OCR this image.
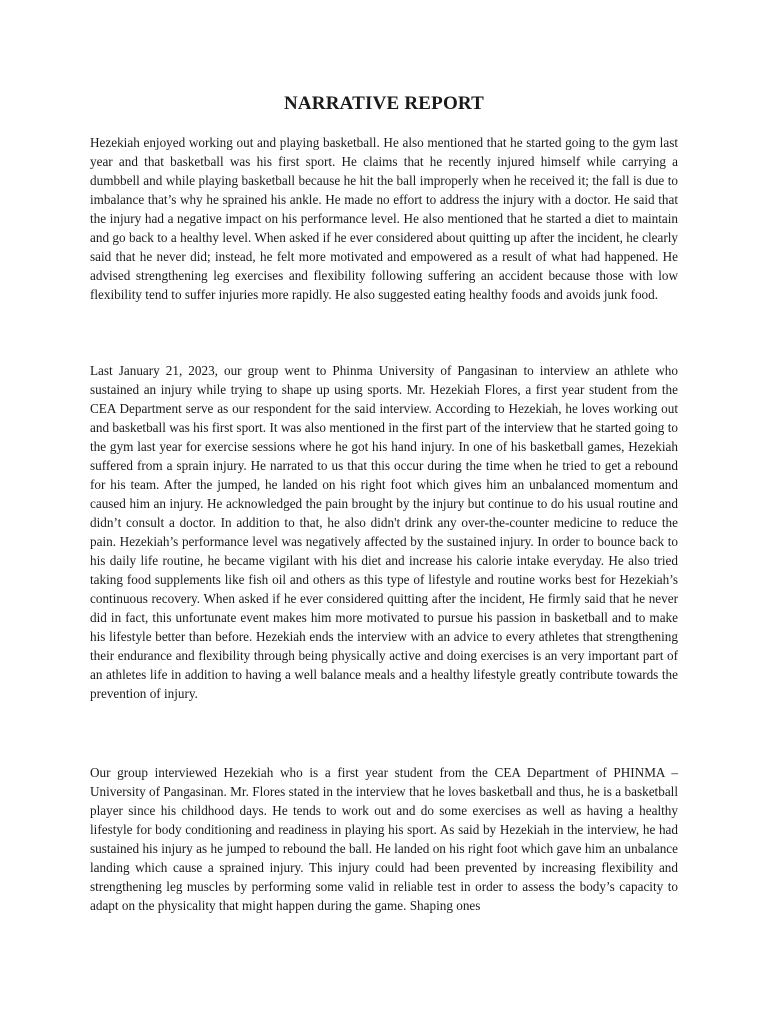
NARRATIVE REPORT

Hezekiah enjoyed working out and playing basketball. He also mentioned that he started going to the gym last year and that basketball was his first sport. He claims that he recently injured himself while carrying a dumbbell and while playing basketball because he hit the ball improperly when he received it; the fall is due to imbalance that’s why he sprained his ankle. He made no effort to address the injury with a doctor. He said that the injury had a negative impact on his performance level. He also mentioned that he started a diet to maintain and go back to a healthy level. When asked if he ever considered about quitting up after the incident, he clearly said that he never did; instead, he felt more motivated and empowered as a result of what had happened. He advised strengthening leg exercises and flexibility following suffering an accident because those with low flexibility tend to suffer injuries more rapidly. He also suggested eating healthy foods and avoids junk food.

Last January 21, 2023, our group went to Phinma University of Pangasinan to interview an athlete who sustained an injury while trying to shape up using sports. Mr. Hezekiah Flores, a first year student from the CEA Department serve as our respondent for the said interview. According to Hezekiah, he loves working out and basketball was his first sport. It was also mentioned in the first part of the interview that he started going to the gym last year for exercise sessions where he got his hand injury. In one of his basketball games, Hezekiah suffered from a sprain injury. He narrated to us that this occur during the time when he tried to get a rebound for his team. After the jumped, he landed on his right foot which gives him an unbalanced momentum and caused him an injury. He acknowledged the pain brought by the injury but continue to do his usual routine and didn’t consult a doctor. In addition to that, he also didn't drink any over-the-counter medicine to reduce the pain. Hezekiah’s performance level was negatively affected by the sustained injury. In order to bounce back to his daily life routine, he became vigilant with his diet and increase his calorie intake everyday. He also tried taking food supplements like fish oil and others as this type of lifestyle and routine works best for Hezekiah’s continuous recovery. When asked if he ever considered quitting after the incident, He firmly said that he never did in fact, this unfortunate event makes him more motivated to pursue his passion in basketball and to make his lifestyle better than before. Hezekiah ends the interview with an advice to every athletes that strengthening their endurance and flexibility through being physically active and doing exercises is an very important part of an athletes life in addition to having a well balance meals and a healthy lifestyle greatly contribute towards the prevention of injury.

Our group interviewed Hezekiah who is a first year student from the CEA Department of PHINMA – University of Pangasinan. Mr. Flores stated in the interview that he loves basketball and thus, he is a basketball player since his childhood days. He tends to work out and do some exercises as well as having a healthy lifestyle for body conditioning and readiness in playing his sport. As said by Hezekiah in the interview, he had sustained his injury as he jumped to rebound the ball. He landed on his right foot which gave him an unbalance landing which cause a sprained injury. This injury could had been prevented by increasing flexibility and strengthening leg muscles by performing some valid in reliable test in order to assess the body’s capacity to adapt on the physicality that might happen during the game. Shaping ones
